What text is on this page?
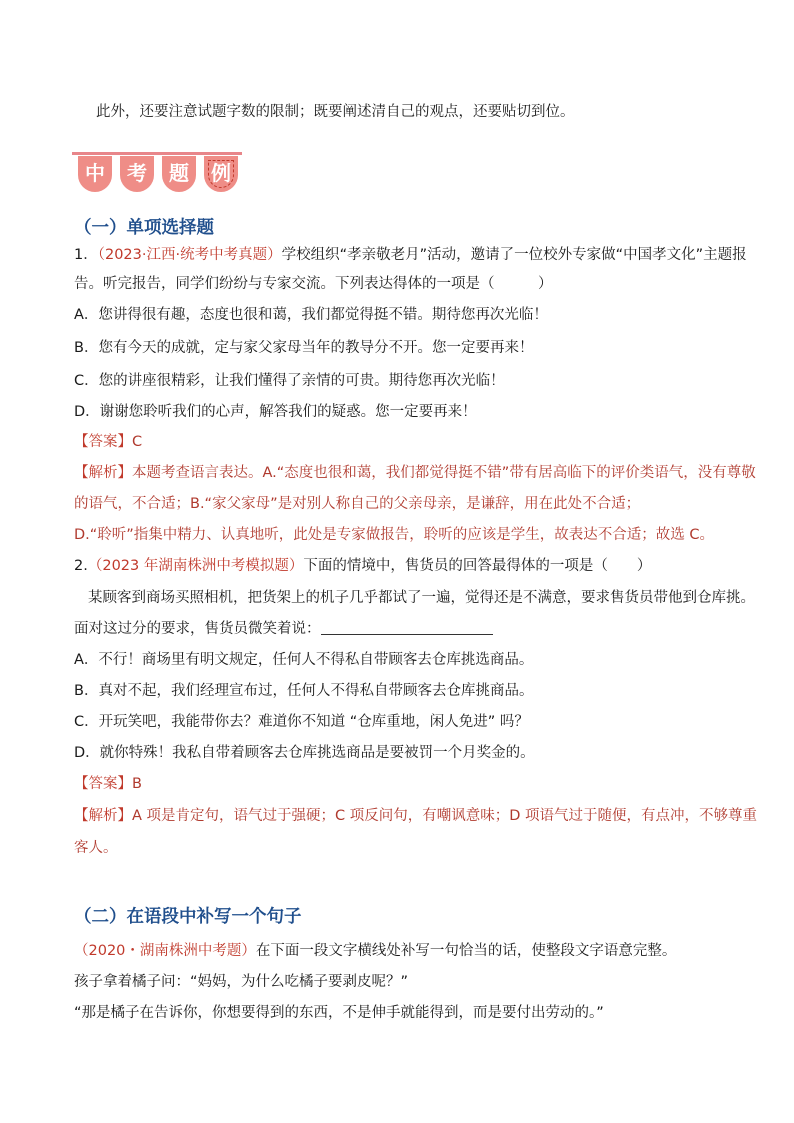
此外，还要注意试题字数的限制；既要阐述清自己的观点，还要贴切到位。
中	考	题	例
（一）单项选择题
1．（2023·江西·统考中考真题）学校组织“孝亲敬老月”活动，邀请了一位校外专家做“中国孝文化”主题报
告。听完报告，同学们纷纷与专家交流。下列表达得体的一项是（　　　）
A．您讲得很有趣，态度也很和蔼，我们都觉得挺不错。期待您再次光临！
B．您有今天的成就，定与家父家母当年的教导分不开。您一定要再来！
C．您的讲座很精彩，让我们懂得了亲情的可贵。期待您再次光临！
D．谢谢您聆听我们的心声，解答我们的疑惑。您一定要再来！
【答案】C
【解析】本题考查语言表达。A.“态度也很和蔼，我们都觉得挺不错”带有居高临下的评价类语气，没有尊敬
的语气，不合适；B.“家父家母”是对别人称自己的父亲母亲，是谦辞，用在此处不合适；
D.“聆听”指集中精力、认真地听，此处是专家做报告，聆听的应该是学生，故表达不合适；故选 C。
2.（2023 年湖南株洲中考模拟题）下面的情境中，售货员的回答最得体的一项是（　　）
某顾客到商场买照相机，把货架上的机子几乎都试了一遍，觉得还是不满意，要求售货员带他到仓库挑。
面对这过分的要求，售货员微笑着说：
A．不行！商场里有明文规定，任何人不得私自带顾客去仓库挑选商品。
B．真对不起，我们经理宣布过，任何人不得私自带顾客去仓库挑商品。
C．开玩笑吧，我能带你去？难道你不知道 “仓库重地，闲人免进” 吗？
D．就你特殊！我私自带着顾客去仓库挑选商品是要被罚一个月奖金的。
【答案】B
【解析】A 项是肯定句，语气过于强硬；C 项反问句，有嘲讽意味；D 项语气过于随便，有点冲，不够尊重
客人。
（二）在语段中补写一个句子
（2020・湖南株洲中考题）在下面一段文字横线处补写一句恰当的话，使整段文字语意完整。
孩子拿着橘子问：“妈妈，为什么吃橘子要剥皮呢？”
“那是橘子在告诉你，你想要得到的东西，不是伸手就能得到，而是要付出劳动的。”
